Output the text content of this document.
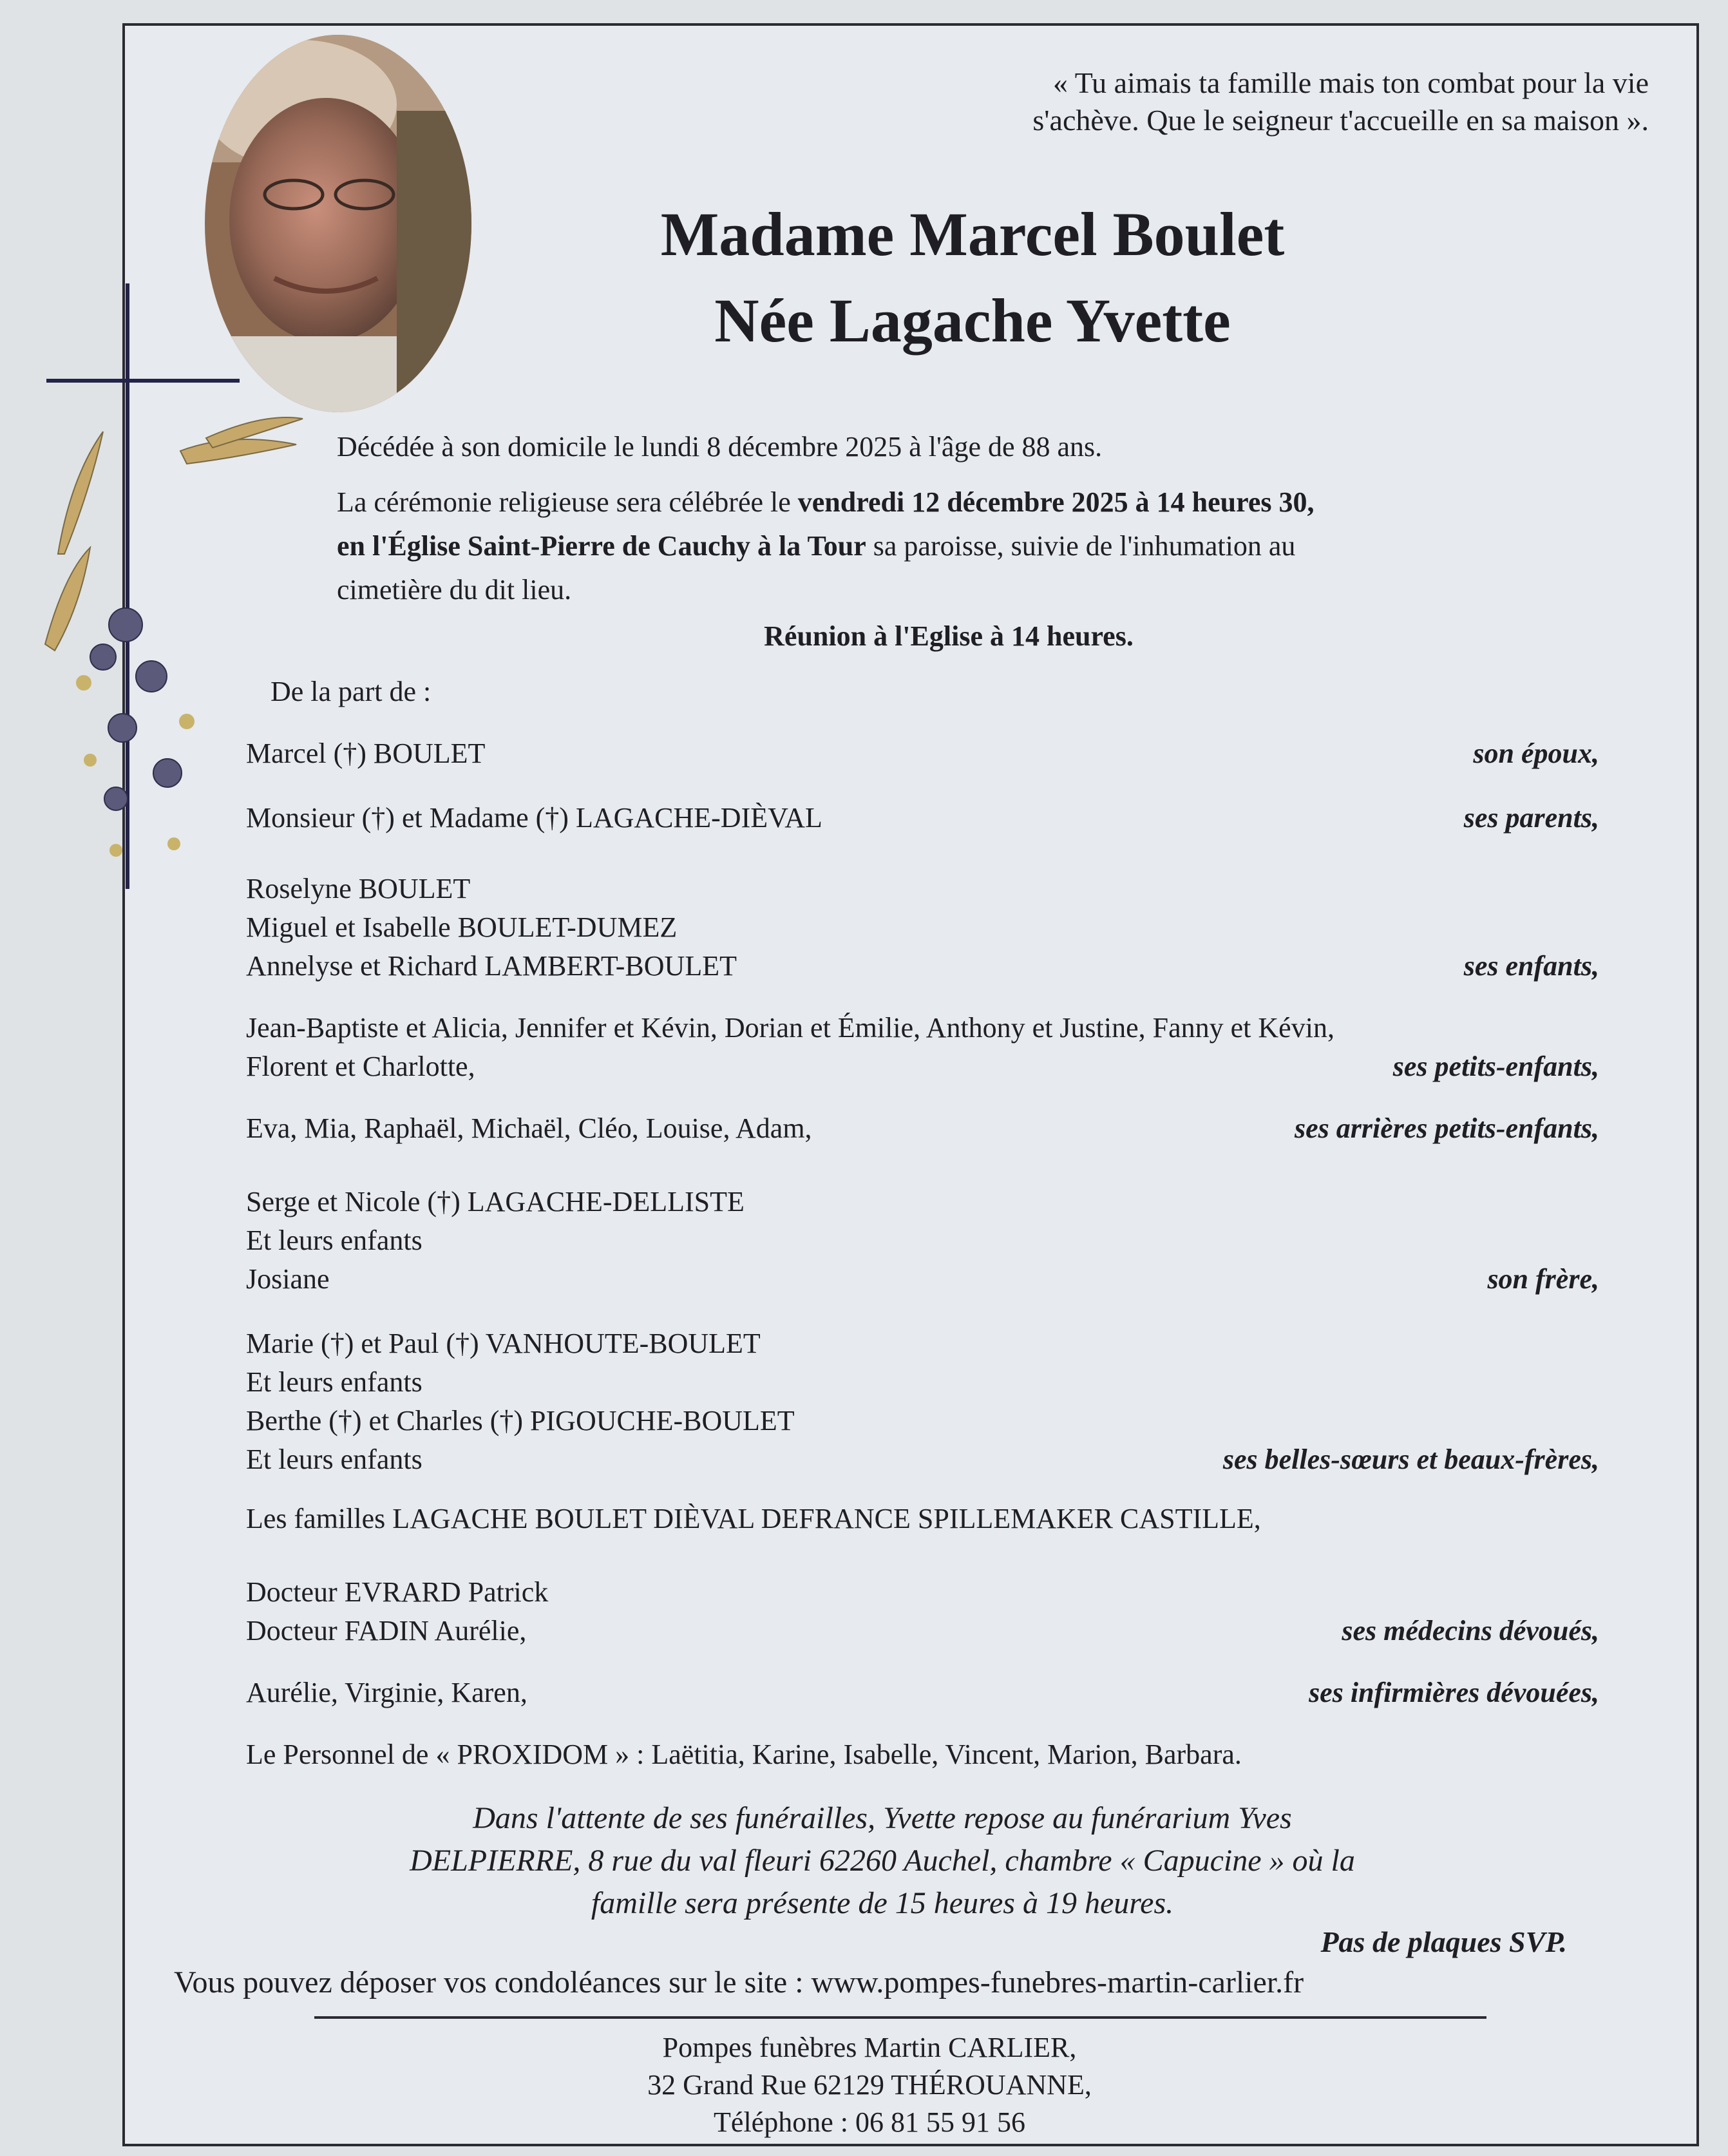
« Tu aimais ta famille mais ton combat pour la vie
s'achève. Que le seigneur t'accueille en sa maison ».
Madame Marcel Boulet
Née Lagache Yvette
Décédée à son domicile le lundi 8 décembre 2025 à l'âge de 88 ans.
La cérémonie religieuse sera célébrée le vendredi 12 décembre 2025 à 14 heures 30,
en l'Église Saint-Pierre de Cauchy à la Tour sa paroisse, suivie de l'inhumation au
cimetière du dit lieu.
Réunion à l'Eglise à 14 heures.
De la part de :
Marcel (†) BOULET	son époux,
Monsieur (†) et Madame (†) LAGACHE-DIÈVAL	ses parents,
Roselyne BOULET
Miguel et Isabelle BOULET-DUMEZ
Annelyse et Richard LAMBERT-BOULET	ses enfants,
Jean-Baptiste et Alicia, Jennifer et Kévin, Dorian et Émilie, Anthony et Justine, Fanny et Kévin,
Florent et Charlotte,	ses petits-enfants,
Eva, Mia, Raphaël, Michaël, Cléo, Louise, Adam,	ses arrières petits-enfants,
Serge et Nicole (†) LAGACHE-DELLISTE
Et leurs enfants
Josiane	son frère,
Marie (†) et Paul (†) VANHOUTE-BOULET
Et leurs enfants
Berthe (†) et Charles (†) PIGOUCHE-BOULET
Et leurs enfants	ses belles-sœurs et beaux-frères,
Les familles LAGACHE BOULET DIÈVAL DEFRANCE SPILLEMAKER CASTILLE,
Docteur EVRARD Patrick
Docteur FADIN Aurélie,	ses médecins dévoués,
Aurélie, Virginie, Karen,	ses infirmières dévouées,
Le Personnel de « PROXIDOM » : Laëtitia, Karine, Isabelle, Vincent, Marion, Barbara.
Dans l'attente de ses funérailles, Yvette repose au funérarium Yves
DELPIERRE, 8 rue du val fleuri 62260 Auchel, chambre « Capucine » où la
famille sera présente de 15 heures à 19 heures.
Pas de plaques SVP.
Vous pouvez déposer vos condoléances sur le site : www.pompes-funebres-martin-carlier.fr
Pompes funèbres Martin CARLIER,
32 Grand Rue 62129 THÉROUANNE,
Téléphone : 06 81 55 91 56
